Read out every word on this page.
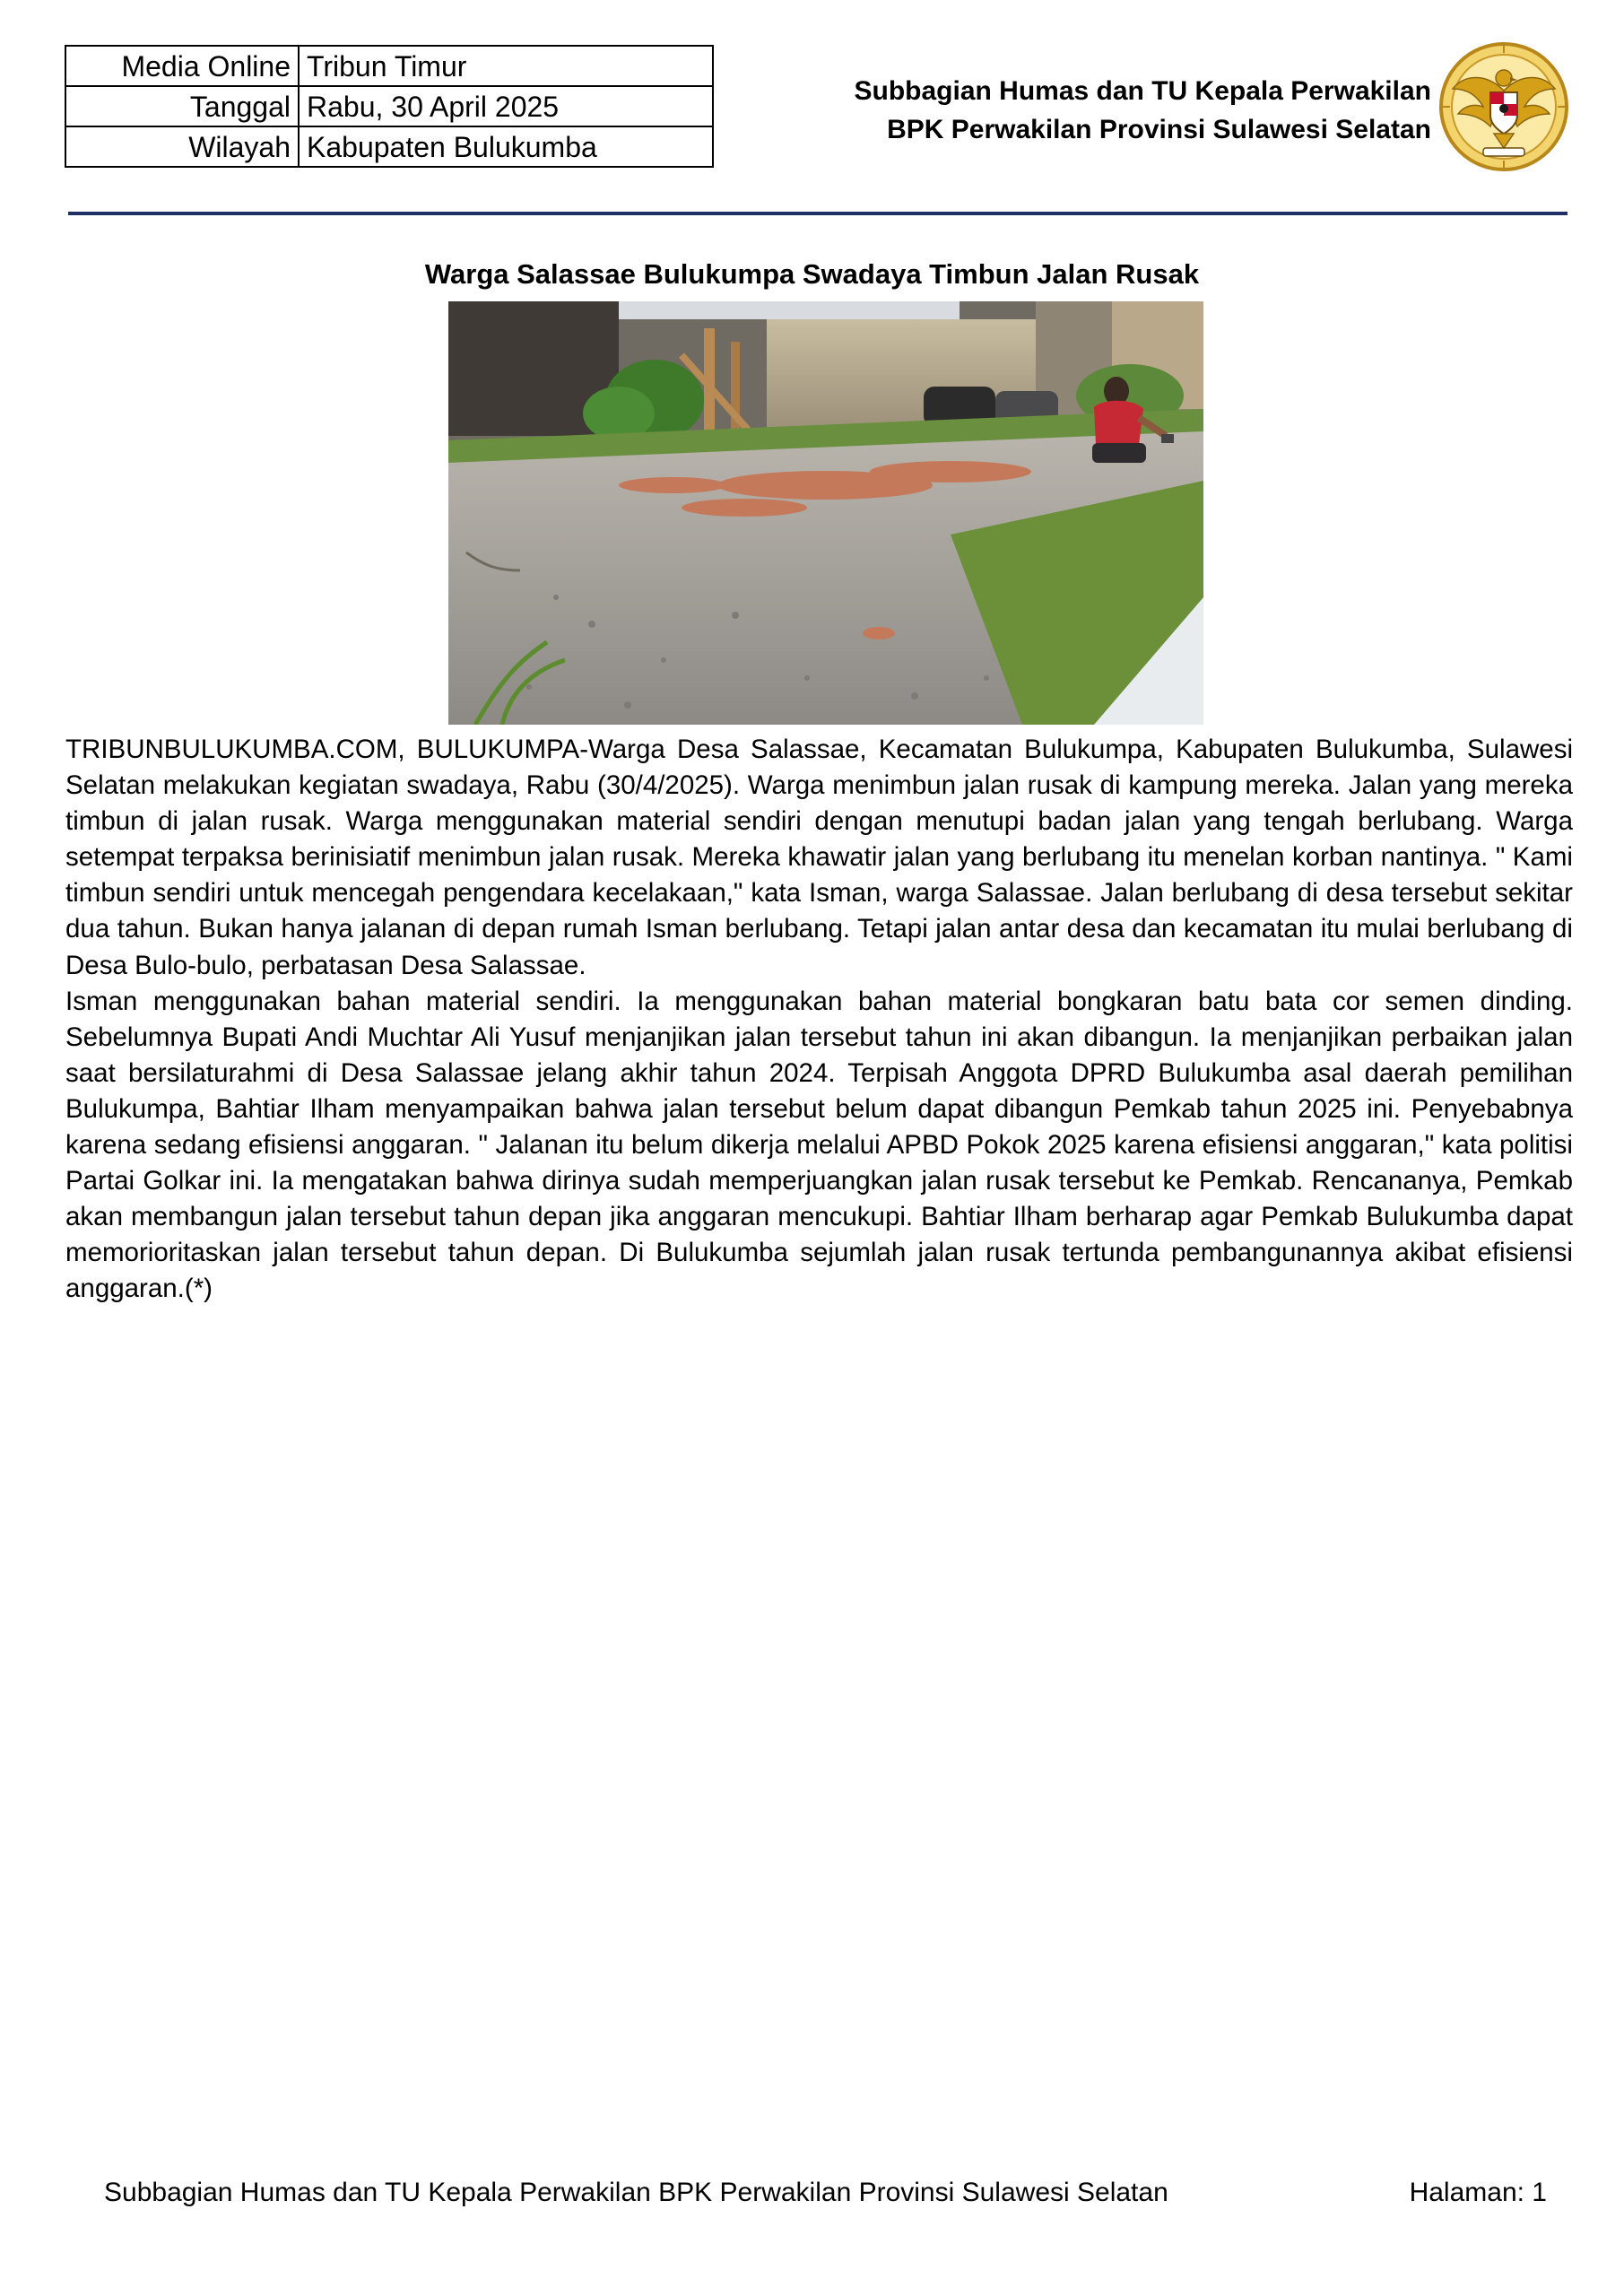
Media Online	Tribun Timur
Tanggal	Rabu, 30 April 2025
Wilayah	Kabupaten Bulukumba
Subbagian Humas dan TU Kepala Perwakilan
BPK Perwakilan Provinsi Sulawesi Selatan
Warga Salassae Bulukumpa Swadaya Timbun Jalan Rusak

TRIBUNBULUKUMBA.COM, BULUKUMPA-Warga Desa Salassae, Kecamatan Bulukumpa, Kabupaten Bulukumba, Sulawesi Selatan melakukan kegiatan swadaya, Rabu (30/4/2025). Warga menimbun jalan rusak di kampung mereka. Jalan yang mereka timbun di jalan rusak. Warga menggunakan material sendiri dengan menutupi badan jalan yang tengah berlubang. Warga setempat terpaksa berinisiatif menimbun jalan rusak. Mereka khawatir jalan yang berlubang itu menelan korban nantinya. " Kami timbun sendiri untuk mencegah pengendara kecelakaan," kata Isman, warga Salassae. Jalan berlubang di desa tersebut sekitar dua tahun. Bukan hanya jalanan di depan rumah Isman berlubang. Tetapi jalan antar desa dan kecamatan itu mulai berlubang di Desa Bulo-bulo, perbatasan Desa Salassae.

Isman menggunakan bahan material sendiri. Ia menggunakan bahan material bongkaran batu bata cor semen dinding. Sebelumnya Bupati Andi Muchtar Ali Yusuf menjanjikan jalan tersebut tahun ini akan dibangun. Ia menjanjikan perbaikan jalan saat bersilaturahmi di Desa Salassae jelang akhir tahun 2024. Terpisah Anggota DPRD Bulukumba asal daerah pemilihan Bulukumpa, Bahtiar Ilham menyampaikan bahwa jalan tersebut belum dapat dibangun Pemkab tahun 2025 ini. Penyebabnya karena sedang efisiensi anggaran. " Jalanan itu belum dikerja melalui APBD Pokok 2025 karena efisiensi anggaran," kata politisi Partai Golkar ini. Ia mengatakan bahwa dirinya sudah memperjuangkan jalan rusak tersebut ke Pemkab. Rencananya, Pemkab akan membangun jalan tersebut tahun depan jika anggaran mencukupi. Bahtiar Ilham berharap agar Pemkab Bulukumba dapat memorioritaskan jalan tersebut tahun depan. Di Bulukumba sejumlah jalan rusak tertunda pembangunannya akibat efisiensi anggaran.(*)

Subbagian Humas dan TU Kepala Perwakilan BPK Perwakilan Provinsi Sulawesi Selatan	Halaman: 1
